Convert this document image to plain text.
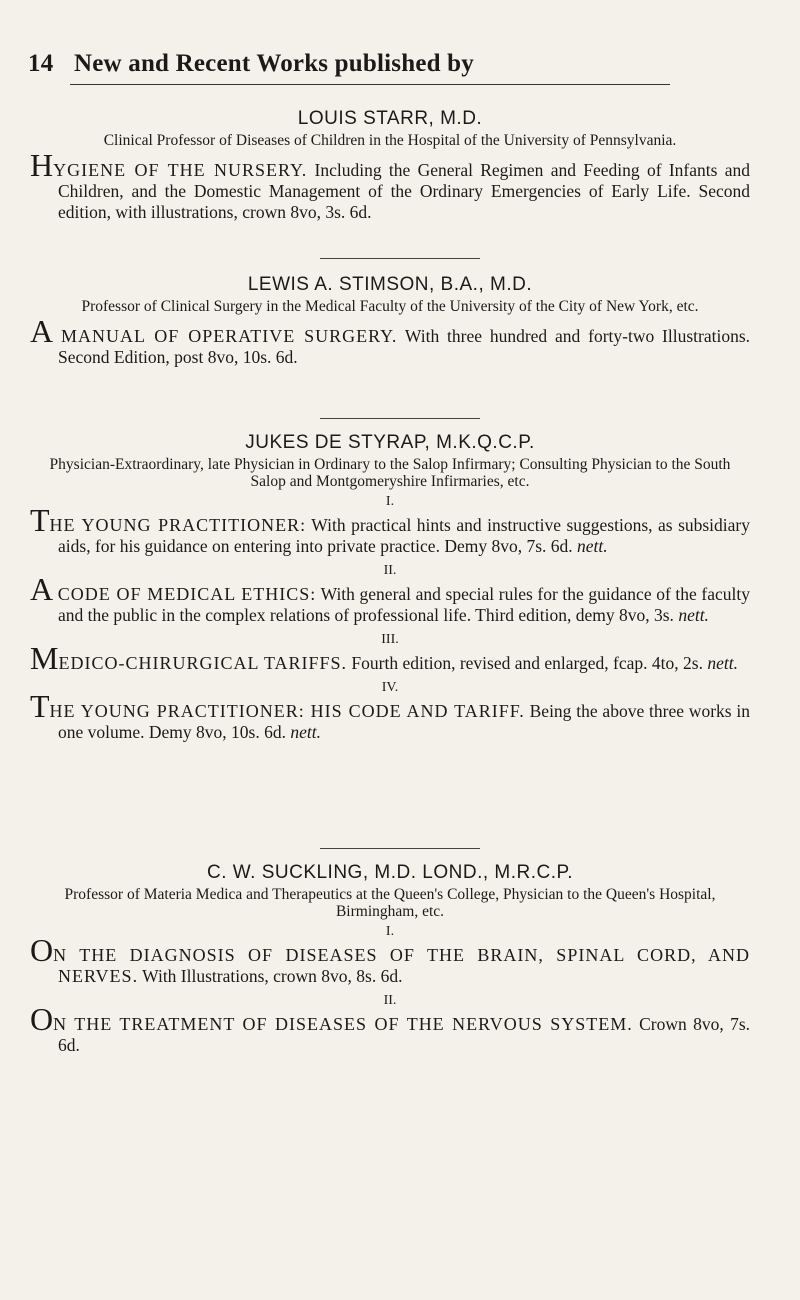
14 New and Recent Works published by

LOUIS STARR, M.D.

Clinical Professor of Diseases of Children in the Hospital of the University of Pennsylvania.

HYGIENE OF THE NURSERY. Including the General Regimen and Feeding of Infants and Children, and the Domestic Management of the Ordinary Emergencies of Early Life. Second edition, with illustrations, crown 8vo, 3s. 6d.

LEWIS A. STIMSON, B.A., M.D.

Professor of Clinical Surgery in the Medical Faculty of the University of the City of New York, etc.

A MANUAL OF OPERATIVE SURGERY. With three hundred and forty-two Illustrations. Second Edition, post 8vo, 10s. 6d.

JUKES DE STYRAP, M.K.Q.C.P.

Physician-Extraordinary, late Physician in Ordinary to the Salop Infirmary; Consulting Physician to the South Salop and Montgomeryshire Infirmaries, etc.

I.

THE YOUNG PRACTITIONER: With practical hints and instructive suggestions, as subsidiary aids, for his guidance on entering into private practice. Demy 8vo, 7s. 6d. nett.

II.

A CODE OF MEDICAL ETHICS: With general and special rules for the guidance of the faculty and the public in the complex relations of professional life. Third edition, demy 8vo, 3s. nett.

III.

MEDICO-CHIRURGICAL TARIFFS. Fourth edition, revised and enlarged, fcap. 4to, 2s. nett.

IV.

THE YOUNG PRACTITIONER: HIS CODE AND TARIFF. Being the above three works in one volume. Demy 8vo, 10s. 6d. nett.

C. W. SUCKLING, M.D. LOND., M.R.C.P.

Professor of Materia Medica and Therapeutics at the Queen's College, Physician to the Queen's Hospital, Birmingham, etc.

I.

ON THE DIAGNOSIS OF DISEASES OF THE BRAIN, SPINAL CORD, AND NERVES. With Illustrations, crown 8vo, 8s. 6d.

II.

ON THE TREATMENT OF DISEASES OF THE NERVOUS SYSTEM. Crown 8vo, 7s. 6d.
